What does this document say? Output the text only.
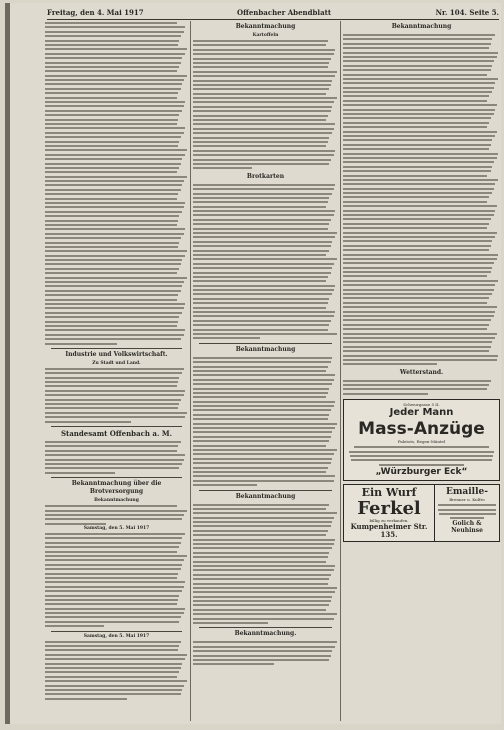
Freitag, den 4. Mai 1917	Offenbacher Abendblatt	Nr. 104. Seite 5.
Industrie und Volkswirtschaft.
Zu Stadt und Land.
Standesamt Offenbach a. M.
Bekanntmachung über die Brotversorgung
Bekanntmachung
Samstag, den 5. Mai 1917
Samstag, den 5. Mai 1917
Bekanntmachung
Kartoffeln
Brotkarten
Bekanntmachung
Bekanntmachung
Bekanntmachung.
Bekanntmachung
Wetterstand.
Schwurgasse 5 II.
Jeder Mann
Mass-Anzüge
Paletots, Regen-Mäntel
„Würzburger Eck“
Ein Wurf
Ferkel
billig zu verkaufen.
Kumpenheimer Str. 135.
Emaille-
Brenner u. Kulfro
Golich & Neuhinse
